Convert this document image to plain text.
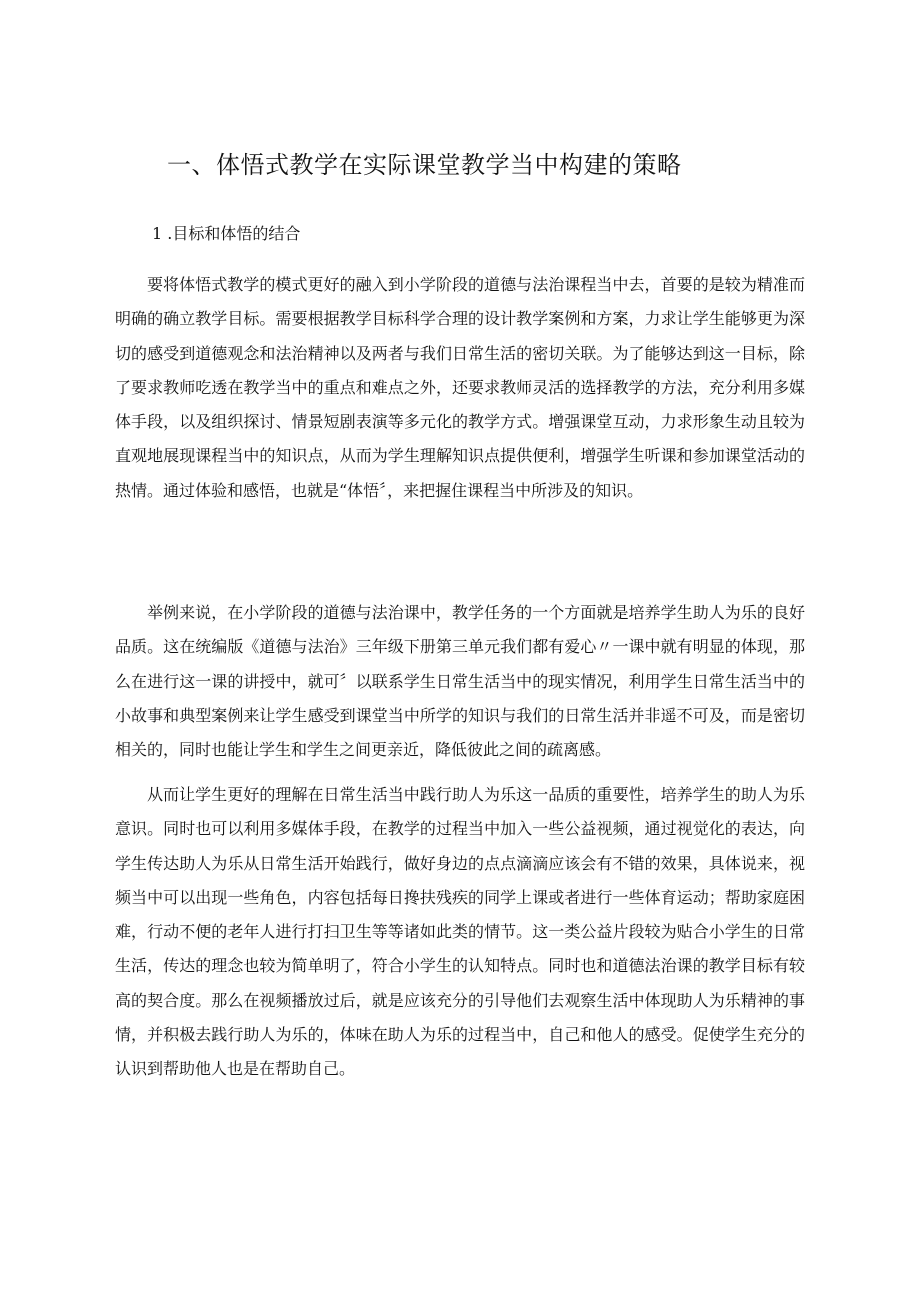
一、体悟式教学在实际课堂教学当中构建的策略
1 .目标和体悟的结合

要将体悟式教学的模式更好的融入到小学阶段的道德与法治课程当中去，首要的是较为精准而明确的确立教学目标。需要根据教学目标科学合理的设计教学案例和方案，力求让学生能够更为深切的感受到道德观念和法治精神以及两者与我们日常生活的密切关联。为了能够达到这一目标，除了要求教师吃透在教学当中的重点和难点之外，还要求教师灵活的选择教学的方法，充分利用多媒体手段，以及组织探讨、情景短剧表演等多元化的教学方式。增强课堂互动，力求形象生动且较为直观地展现课程当中的知识点，从而为学生理解知识点提供便利，增强学生听课和参加课堂活动的热情。通过体验和感悟，也就是“体悟〞，来把握住课程当中所涉及的知识。

举例来说，在小学阶段的道德与法治课中，教学任务的一个方面就是培养学生助人为乐的良好品质。这在统编版《道德与法治》三年级下册第三单元我们都有爱心〃一课中就有明显的体现，那么在进行这一课的讲授中，就可〞以联系学生日常生活当中的现实情况，利用学生日常生活当中的小故事和典型案例来让学生感受到课堂当中所学的知识与我们的日常生活并非遥不可及，而是密切相关的，同时也能让学生和学生之间更亲近，降低彼此之间的疏离感。

从而让学生更好的理解在日常生活当中践行助人为乐这一品质的重要性，培养学生的助人为乐意识。同时也可以利用多媒体手段，在教学的过程当中加入一些公益视频，通过视觉化的表达，向学生传达助人为乐从日常生活开始践行，做好身边的点点滴滴应该会有不错的效果，具体说来，视频当中可以出现一些角色，内容包括每日搀扶残疾的同学上课或者进行一些体育运动；帮助家庭困难，行动不便的老年人进行打扫卫生等等诸如此类的情节。这一类公益片段较为贴合小学生的日常生活，传达的理念也较为简单明了，符合小学生的认知特点。同时也和道德法治课的教学目标有较高的契合度。那么在视频播放过后，就是应该充分的引导他们去观察生活中体现助人为乐精神的事情，并积极去践行助人为乐的，体味在助人为乐的过程当中，自己和他人的感受。促使学生充分的认识到帮助他人也是在帮助自己。
